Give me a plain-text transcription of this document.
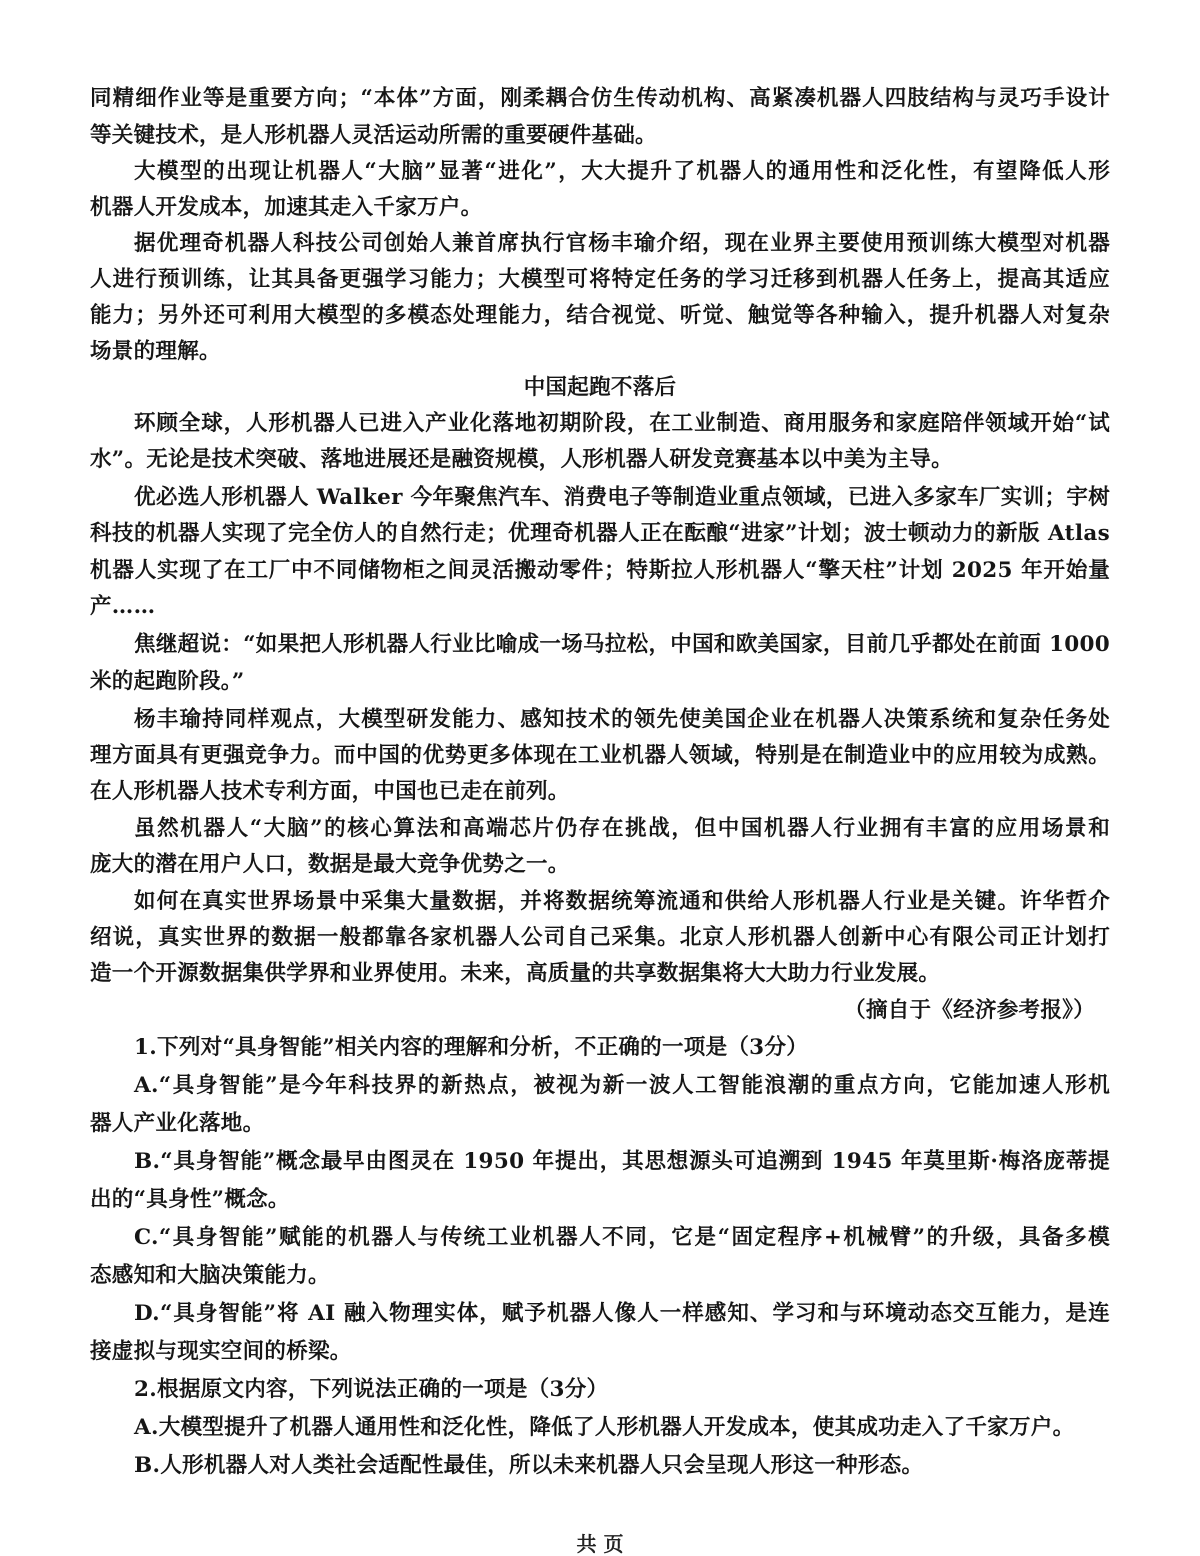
同精细作业等是重要方向；“本体”方面，刚柔耦合仿生传动机构、高紧凑机器人四肢结构与灵巧手设计
等关键技术，是人形机器人灵活运动所需的重要硬件基础。
大模型的出现让机器人“大脑”显著“进化”，大大提升了机器人的通用性和泛化性，有望降低人形
机器人开发成本，加速其走入千家万户。
据优理奇机器人科技公司创始人兼首席执行官杨丰瑜介绍，现在业界主要使用预训练大模型对机器
人进行预训练，让其具备更强学习能力；大模型可将特定任务的学习迁移到机器人任务上，提高其适应
能力；另外还可利用大模型的多模态处理能力，结合视觉、听觉、触觉等各种输入，提升机器人对复杂
场景的理解。
中国起跑不落后
环顾全球，人形机器人已进入产业化落地初期阶段，在工业制造、商用服务和家庭陪伴领域开始“试
水”。无论是技术突破、落地进展还是融资规模，人形机器人研发竞赛基本以中美为主导。
优必选人形机器人 Walker 今年聚焦汽车、消费电子等制造业重点领域，已进入多家车厂实训；宇树
科技的机器人实现了完全仿人的自然行走；优理奇机器人正在酝酿“进家”计划；波士顿动力的新版 Atlas
机器人实现了在工厂中不同储物柜之间灵活搬动零件；特斯拉人形机器人“擎天柱”计划 2025 年开始量
产……
焦继超说：“如果把人形机器人行业比喻成一场马拉松，中国和欧美国家，目前几乎都处在前面 1000
米的起跑阶段。”
杨丰瑜持同样观点，大模型研发能力、感知技术的领先使美国企业在机器人决策系统和复杂任务处
理方面具有更强竞争力。而中国的优势更多体现在工业机器人领域，特别是在制造业中的应用较为成熟。
在人形机器人技术专利方面，中国也已走在前列。
虽然机器人“大脑”的核心算法和高端芯片仍存在挑战，但中国机器人行业拥有丰富的应用场景和
庞大的潜在用户人口，数据是最大竞争优势之一。
如何在真实世界场景中采集大量数据，并将数据统筹流通和供给人形机器人行业是关键。许华哲介
绍说，真实世界的数据一般都靠各家机器人公司自己采集。北京人形机器人创新中心有限公司正计划打
造一个开源数据集供学界和业界使用。未来，高质量的共享数据集将大大助力行业发展。
（摘自于《经济参考报》）
1.下列对“具身智能”相关内容的理解和分析，不正确的一项是（3分）
A.“具身智能”是今年科技界的新热点，被视为新一波人工智能浪潮的重点方向，它能加速人形机
器人产业化落地。
B.“具身智能”概念最早由图灵在 1950 年提出，其思想源头可追溯到 1945 年莫里斯·梅洛庞蒂提
出的“具身性”概念。
C.“具身智能”赋能的机器人与传统工业机器人不同，它是“固定程序+机械臂”的升级，具备多模
态感知和大脑决策能力。
D.“具身智能”将 AI 融入物理实体，赋予机器人像人一样感知、学习和与环境动态交互能力，是连
接虚拟与现实空间的桥梁。
2.根据原文内容，下列说法正确的一项是（3分）
A.大模型提升了机器人通用性和泛化性，降低了人形机器人开发成本，使其成功走入了千家万户。
B.人形机器人对人类社会适配性最佳，所以未来机器人只会呈现人形这一种形态。
共 页
